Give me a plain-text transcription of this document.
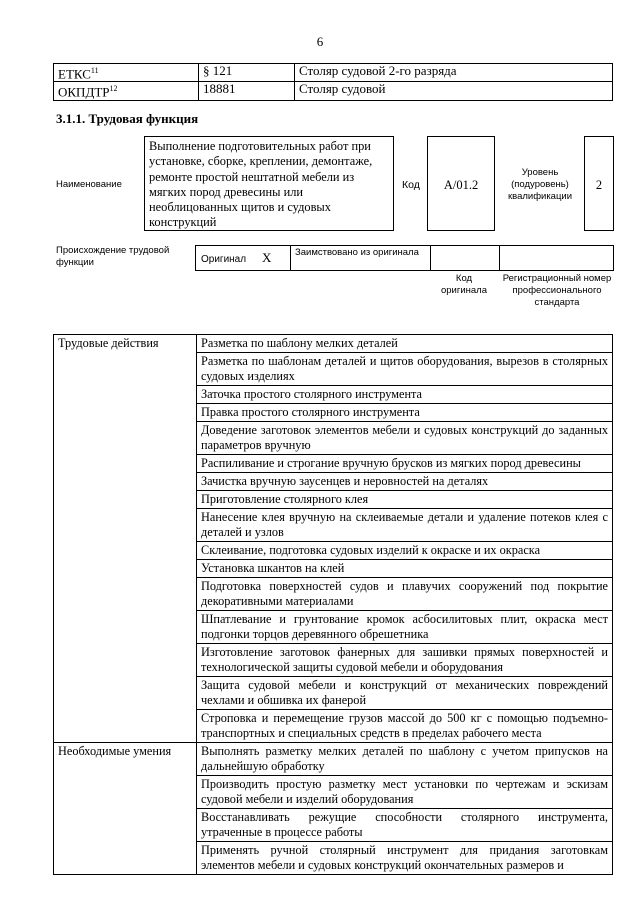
6
ЕТКС$^{11}$	§ 121	Столяр судовой 2-го разряда
ОКПДТР$^{12}$	18881	Столяр судовой
3.1.1. Трудовая функция
Наименование
Выполнение подготовительных работ при установке, сборке, креплении, демонтаже, ремонте простой нештатной мебели из мягких пород древесины или необлицованных щитов и судовых конструкций
Код	А/01.2
Уровень (подуровень) квалификации
2
Происхождение трудовой функции	Оригинал X	Заимствовано из оригинала
Код оригинала
Регистрационный номер профессионального стандарта
Трудовые действия	Разметка по шаблону мелких деталей
	Разметка по шаблонам деталей и щитов оборудования, вырезов в столярных судовых изделиях
	Заточка простого столярного инструмента
	Правка простого столярного инструмента
	Доведение заготовок элементов мебели и судовых конструкций до заданных параметров вручную
	Распиливание и строгание вручную брусков из мягких пород древесины
	Зачистка вручную заусенцев и неровностей на деталях
	Приготовление столярного клея
	Нанесение клея вручную на склеиваемые детали и удаление потеков клея с деталей и узлов
	Склеивание, подготовка судовых изделий к окраске и их окраска
	Установка шкантов на клей
	Подготовка поверхностей судов и плавучих сооружений под покрытие декоративными материалами
	Шпатлевание и грунтование кромок асбосилитовых плит, окраска мест подгонки торцов деревянного обрешетника
	Изготовление заготовок фанерных для зашивки прямых поверхностей и технологической защиты судовой мебели и оборудования
	Защита судовой мебели и конструкций от механических повреждений чехлами и обшивка их фанерой
	Строповка и перемещение грузов массой до 500 кг с помощью подъемно-транспортных и специальных средств в пределах рабочего места
Необходимые умения	Выполнять разметку мелких деталей по шаблону с учетом припусков на дальнейшую обработку
	Производить простую разметку мест установки по чертежам и эскизам судовой мебели и изделий оборудования
	Восстанавливать режущие способности столярного инструмента, утраченные в процессе работы
	Применять ручной столярный инструмент для придания заготовкам элементов мебели и судовых конструкций окончательных размеров и
